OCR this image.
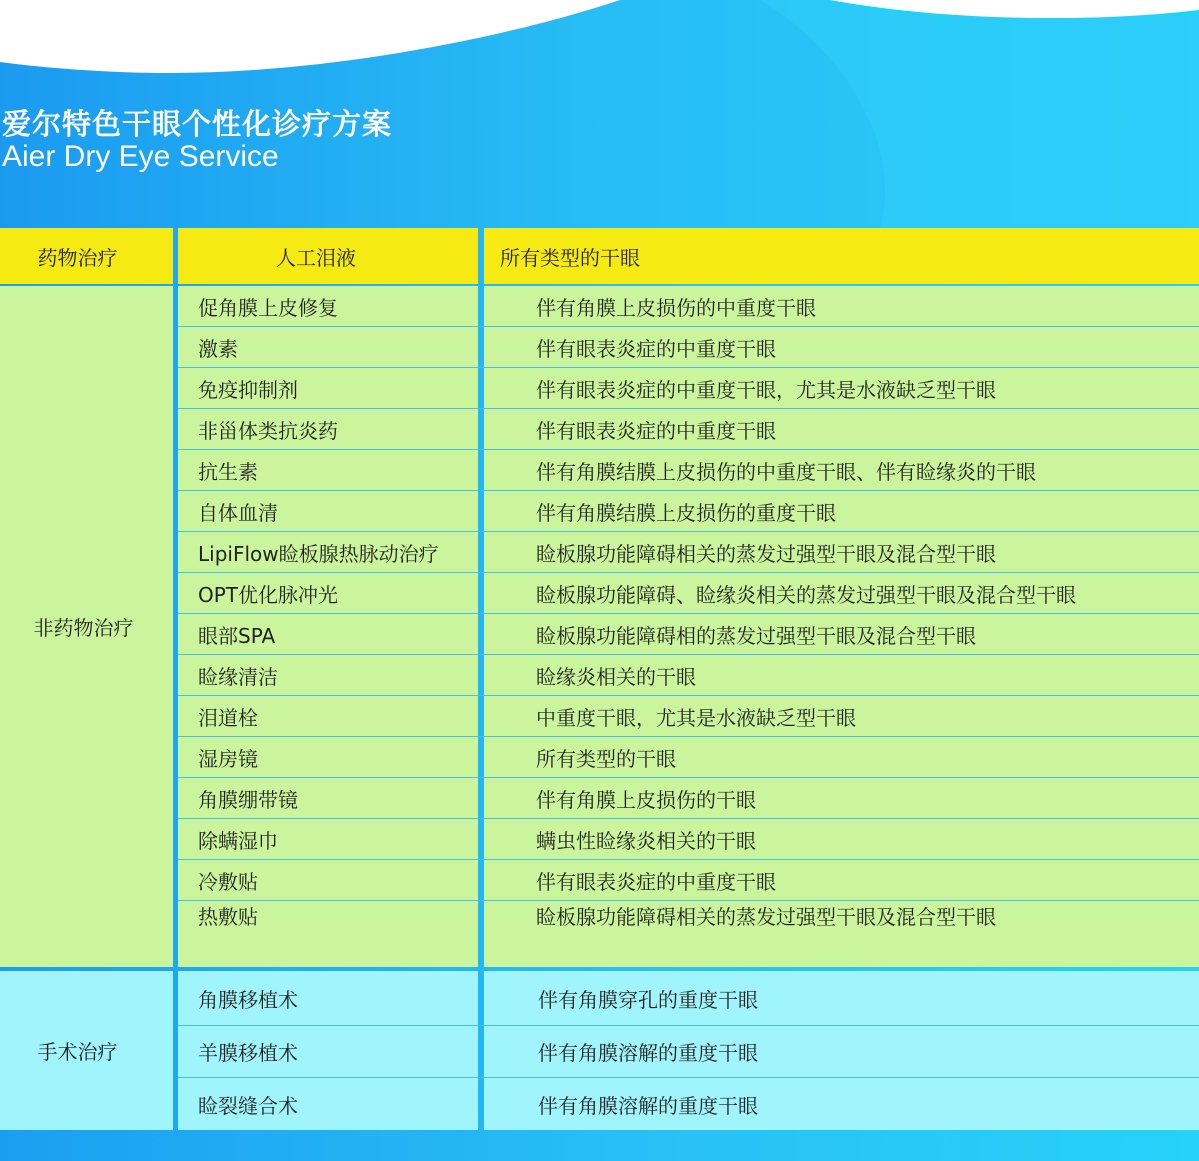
爱尔特色干眼个性化诊疗方案
Aier Dry Eye Service
药物治疗	人工泪液	所有类型的干眼
非药物治疗
促角膜上皮修复	伴有角膜上皮损伤的中重度干眼
激素	伴有眼表炎症的中重度干眼
免疫抑制剂	伴有眼表炎症的中重度干眼，尤其是水液缺乏型干眼
非甾体类抗炎药	伴有眼表炎症的中重度干眼
抗生素	伴有角膜结膜上皮损伤的中重度干眼、伴有睑缘炎的干眼
自体血清	伴有角膜结膜上皮损伤的重度干眼
LipiFlow睑板腺热脉动治疗	睑板腺功能障碍相关的蒸发过强型干眼及混合型干眼
OPT优化脉冲光	睑板腺功能障碍、睑缘炎相关的蒸发过强型干眼及混合型干眼
眼部SPA	睑板腺功能障碍相的蒸发过强型干眼及混合型干眼
睑缘清洁	睑缘炎相关的干眼
泪道栓	中重度干眼，尤其是水液缺乏型干眼
湿房镜	所有类型的干眼
角膜绷带镜	伴有角膜上皮损伤的干眼
除螨湿巾	螨虫性睑缘炎相关的干眼
冷敷贴	伴有眼表炎症的中重度干眼
热敷贴	睑板腺功能障碍相关的蒸发过强型干眼及混合型干眼
手术治疗
角膜移植术	伴有角膜穿孔的重度干眼
羊膜移植术	伴有角膜溶解的重度干眼
睑裂缝合术	伴有角膜溶解的重度干眼
